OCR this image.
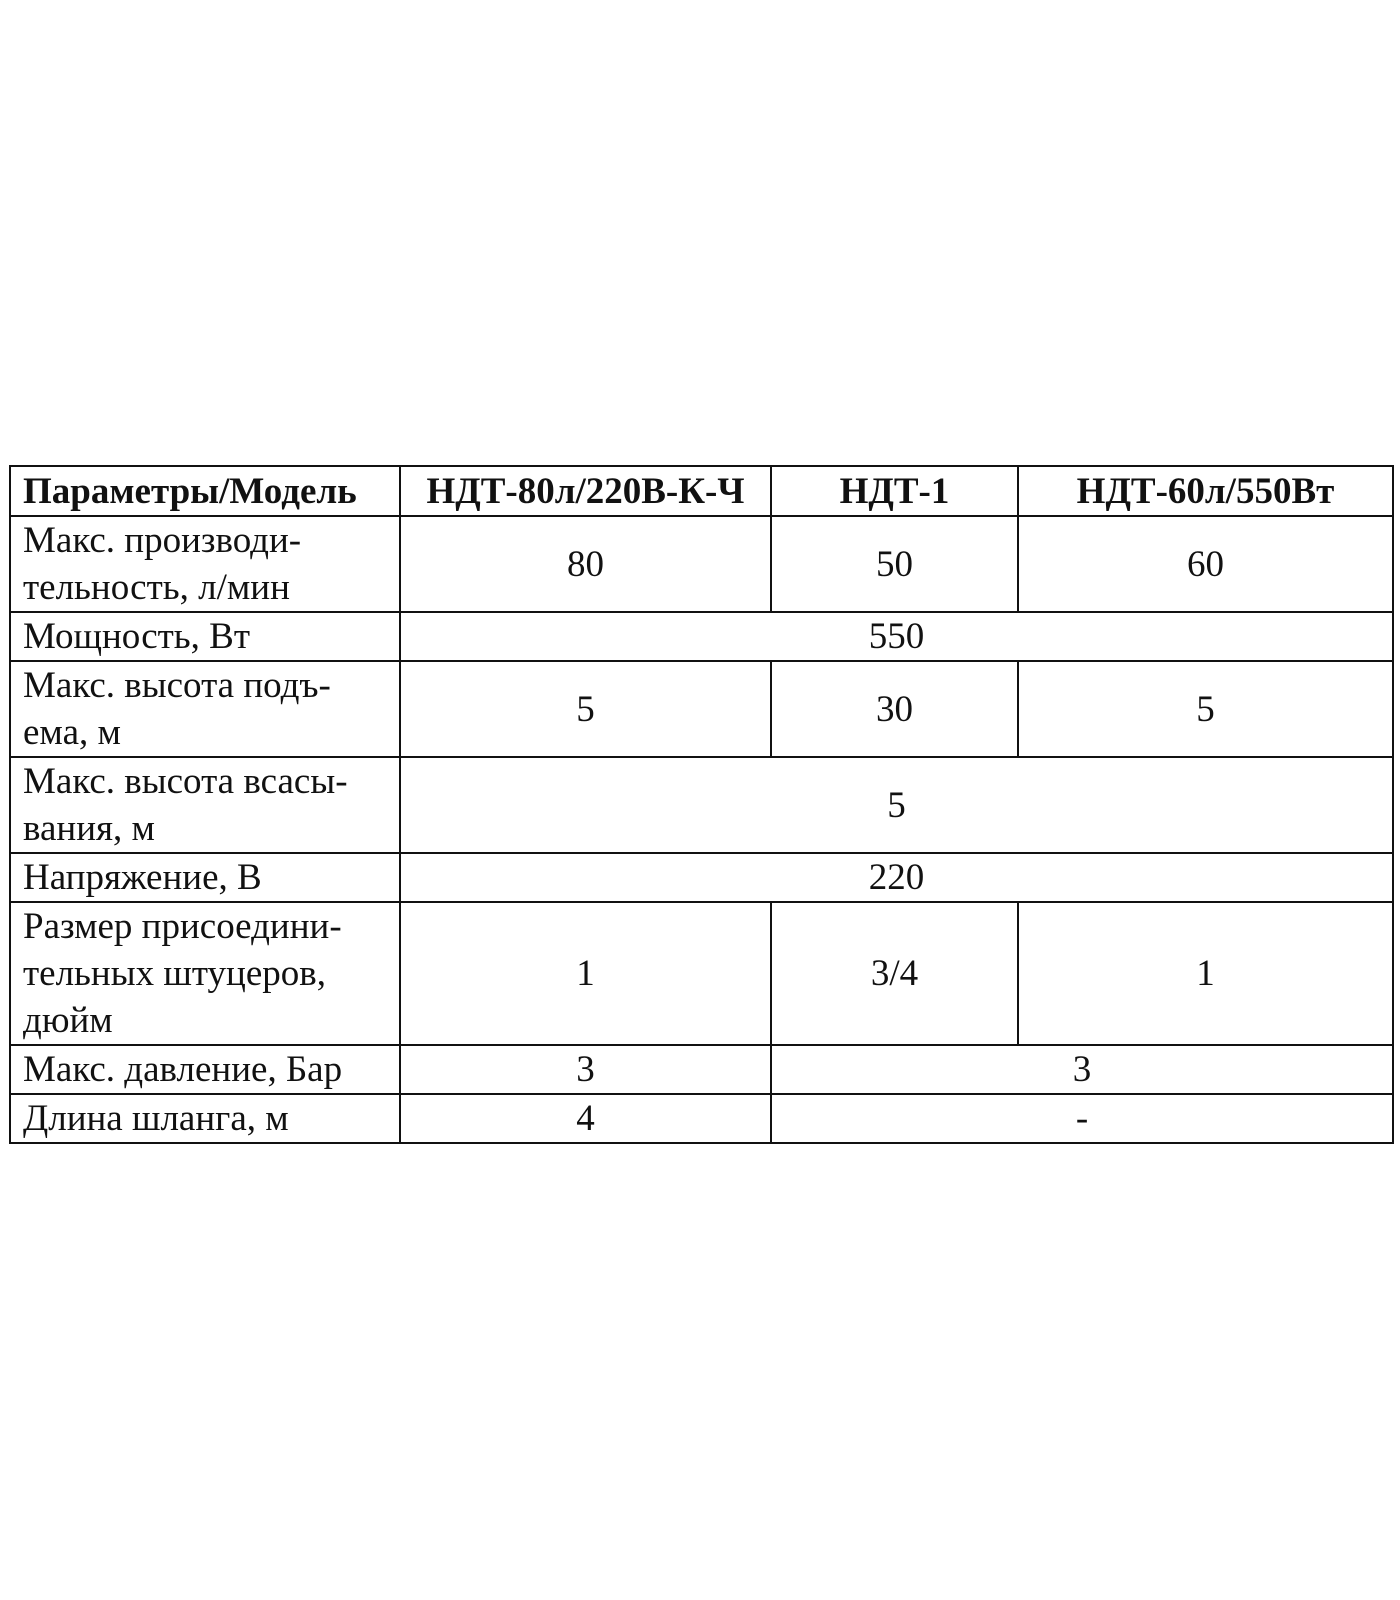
Параметры/Модель	НДТ-80л/220В-К-Ч	НДТ-1	НДТ-60л/550Вт

Макс. производи-
тельность, л/мин	80	50	60

Мощность, Вт	550		

Макс. высота подъ-
ема, м	5	30	5

Макс. высота всасы-
вания, м	5		

Напряжение, В	220		

Размер присоедини-
тельных штуцеров,
дюйм	1	3/4	1

Макс. давление, Бар	3	3	

Длина шланга, м	4	-	
